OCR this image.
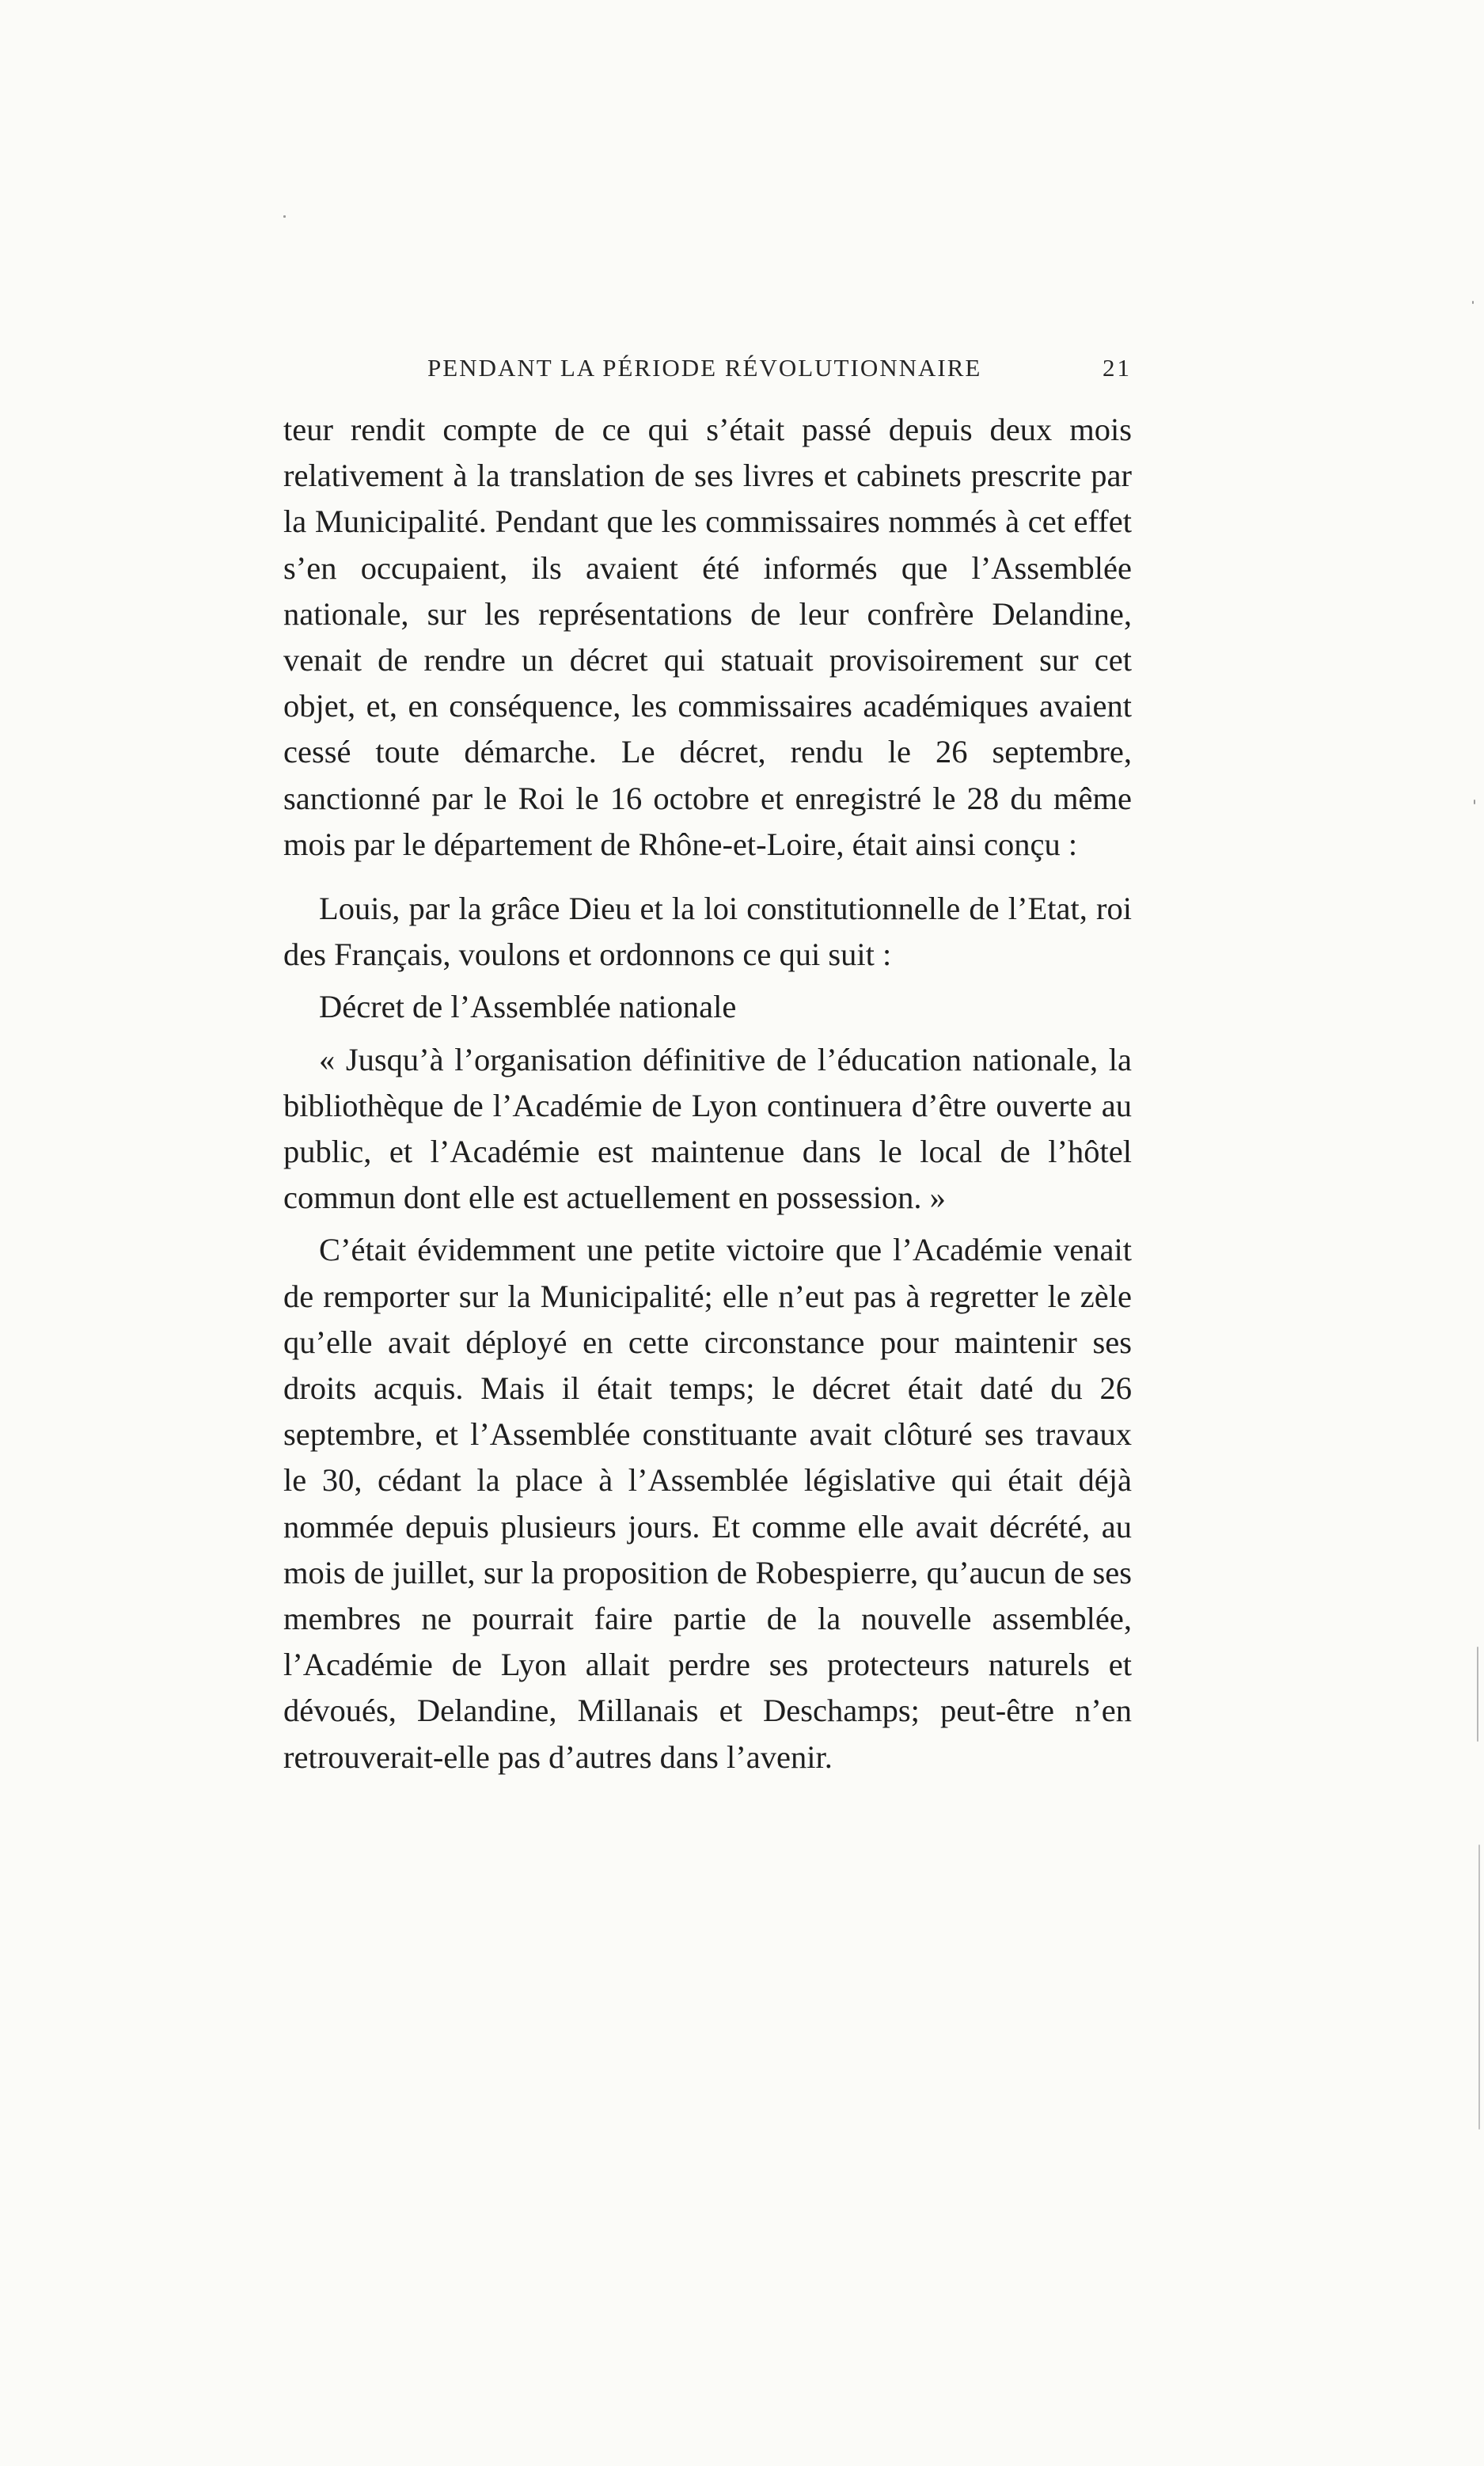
PENDANT LA PÉRIODE RÉVOLUTIONNAIRE	21

teur rendit compte de ce qui s’était passé depuis deux mois relativement à la translation de ses livres et cabinets prescrite par la Municipalité. Pendant que les commissaires nommés à cet effet s’en occupaient, ils avaient été informés que l’Assemblée nationale, sur les représentations de leur confrère Delandine, venait de rendre un décret qui statuait provisoirement sur cet objet, et, en conséquence, les commissaires académiques avaient cessé toute démarche. Le décret, rendu le 26 septembre, sanctionné par le Roi le 16 octobre et enregistré le 28 du même mois par le département de Rhône-et-Loire, était ainsi conçu :

Louis, par la grâce Dieu et la loi constitutionnelle de l’Etat, roi des Français, voulons et ordonnons ce qui suit :

Décret de l’Assemblée nationale

« Jusqu’à l’organisation définitive de l’éducation nationale, la bibliothèque de l’Académie de Lyon continuera d’être ouverte au public, et l’Académie est maintenue dans le local de l’hôtel commun dont elle est actuellement en possession. »

C’était évidemment une petite victoire que l’Académie venait de remporter sur la Municipalité; elle n’eut pas à regretter le zèle qu’elle avait déployé en cette circonstance pour maintenir ses droits acquis. Mais il était temps; le décret était daté du 26 septembre, et l’Assemblée constituante avait clôturé ses travaux le 30, cédant la place à l’Assemblée législative qui était déjà nommée depuis plusieurs jours. Et comme elle avait décrété, au mois de juillet, sur la proposition de Robespierre, qu’aucun de ses membres ne pourrait faire partie de la nouvelle assemblée, l’Académie de Lyon allait perdre ses protecteurs naturels et dévoués, Delandine, Millanais et Deschamps; peut-être n’en retrouverait-elle pas d’autres dans l’avenir.
